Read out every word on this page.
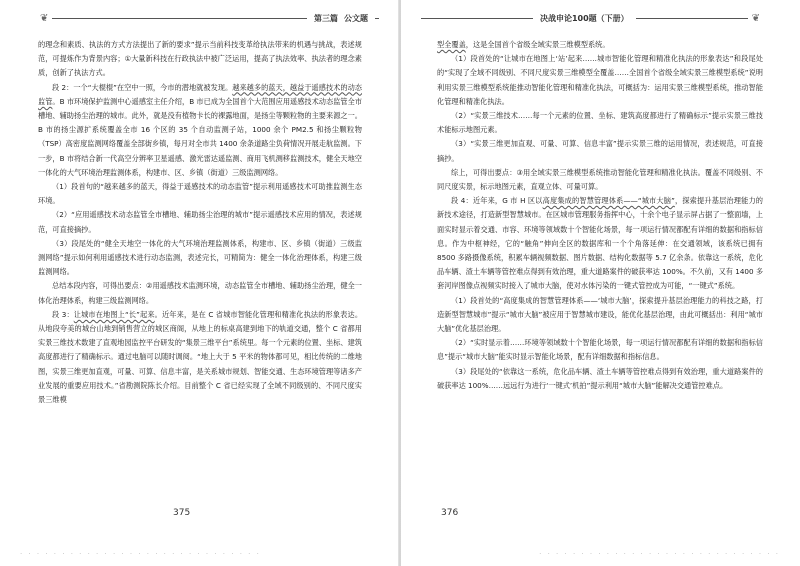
❦	第三篇 公文题

的理念和素质、执法的方式方法提出了新的要求”提示当前科技变革给执法带来的机遇与挑战，表述规范，可提炼作为背景内容；①大量新科技在行政执法中被广泛运用，提高了执法效率、执法者的理念素质，创新了执法方式。

段 2：一个“大棍棍”在空中一照，今市的潜地就被发现。越来越多的蓝天，越益于遥感技术的动态监管。B 市环境保护监测中心遥感室主任介绍，B 市已成为全国首个大范围应用遥感技术动态监管全市槽地、辅助扬尘治理的城市。此外，就是没有植物卡长的裸露地面，是扬尘等颗粒物的主要来源之一。B 市的扬尘源扩系统覆盖全市 16 个区的 35 个自动监测子站，1000 余个 PM2.5 和扬尘颗粒物（TSP）高密度监测网络覆盖全部街乡镇，每月对全市共 1400 余条道路尘负荷情况开展走航监测。下一步，B 市将结合新一代高空分辨率卫星遥感、激光雷达遥监测、商用飞机测移监测技术，健全天地空一体化的大气环境治理监测体系，构建市、区、乡镇（街道）三级监测网络。

（1）段首句的“越来越多的蓝天，得益于遥感技术的动态监管”提示利用遥感技术可助推监测生态环境。

（2）“应用遥感技术动态监管全市槽地、辅助扬尘治理的城市”提示遥感技术应用的情况，表述规范，可直接摘抄。

（3）段尾处的“健全天地空一体化的大气环境治理监测体系，构建市、区、乡镇（街道）三级监测网络”提示如何利用遥感技术进行动态监测，表述完长，可精简为：健全一体化治理体系，构建三级监测网络。

总结本段内容，可得出要点：②用遥感技术监测环境，动态监管全市槽地、辅助扬尘治理，健全一体化治理体系，构建三级监测网络。

段 3：让城市在地图上“长”起来。近年来，是在 C 省城市智能化管理和精准化执法的形象表达。从地段夸美的城台山地到销售营立的城区商阁，从地上的标桌高建到地下的轨道交通，整个 C 省都用实景三维技术数建了直观地园监控平台研发的“集景三维平台”系统里。每一个元素的位置、坐标、建筑高度都进行了精确标示。通过电脑可以随时调阅。“地上大于 5 平米的物体都可见，相比传统的二维地图，实景三维更加直观，可量、可算、信息丰富，是关系城市规划、智能交通、生态环境管理等诸多产业发展的重要应用技术。”省勘测院陈长介绍。目前整个 C 省已经实现了全域不同级别的、不同尺度实景三维模

375
· · · · · · · · · · · · · · · · · · · · · · · · · · · · ·
决战申论100题（下册）	❦

型全覆盖，这是全国首个省级全域实景三维模型系统。

（1）段首处的“让城市在地图上‘站’起来……城市智能化管理和精准化执法的形象表达”和段尾处的“实现了全域不同级别、不同尺度实景三维模型全覆盖……全国首个省级全域实景三维模型系统”说明利用实景三维模型系统能推动智能化管理和精准化执法，可概括为：运用实景三维模型系统，推动智能化管理和精准化执法。

（2）“实景三维技术……每一个元素的位置、坐标、建筑高度都进行了精确标示”提示实景三维技术能标示地图元素。

（3）“实景三维更加直观、可量、可算、信息丰富”提示实景三维的运用情况，表述规范，可直接摘抄。

综上，可得出要点：③用全域实景三维模型系统推动智能化管理和精准化执法。覆盖不同级别、不同尺度实景，标示地图元素，直观立体、可量可算。

段 4：近年来，G 市 H 区以高度集成的智慧管理体系——“城市大脑”，探索提升基层治理能力的新技术途径，打造新型智慧城市。在区城市管理服务指挥中心，十余个电子显示屏占据了一整面墙，上面实时显示着交通、市容、环境等领域数十个智能化场景，每一项运行情况都配有详细的数据和指标信息。作为中枢神经，它的“触角”伸向全区的数据库和一个个角落延伸：在交通领域，该系统已拥有 8500 多路摄像系统，积累车辆视频数据、图片数据、结构化数据等 5.7 亿余条。依靠这一系统，危化品车辆、渣土车辆等管控难点得到有效治理，重大道路案件的破获率达 100%。不久前，又有 1400 多套河岸图像点视频实时接入了城市大脑，使对水体污染的一键式管控成为可能，“一键式”系统。

（1）段首处的“高度集成的智慧管理体系——‘城市大脑’，探索提升基层治理能力的科技之路，打造新型智慧城市”提示“城市大脑”被应用于智慧城市建设，能优化基层治理，由此可概括出：利用“城市大脑”优化基层治理。

（2）“实时显示着……环境等领域数十个智能化场景，每一项运行情况都配有详细的数据和指标信息”提示“城市大脑”能实时显示智能化场景，配有详细数据和指标信息。

（3）段尾处的“依靠这一系统，危化品车辆、渣土车辆等管控难点得到有效治理，重大道路案件的破获率达 100%……远远行为进行‘一键式’机拍”提示利用“城市大脑”能解决交通管控难点。

376
· · · · · · · · · · · · · · · · · · · · · · · · · · · · ·
